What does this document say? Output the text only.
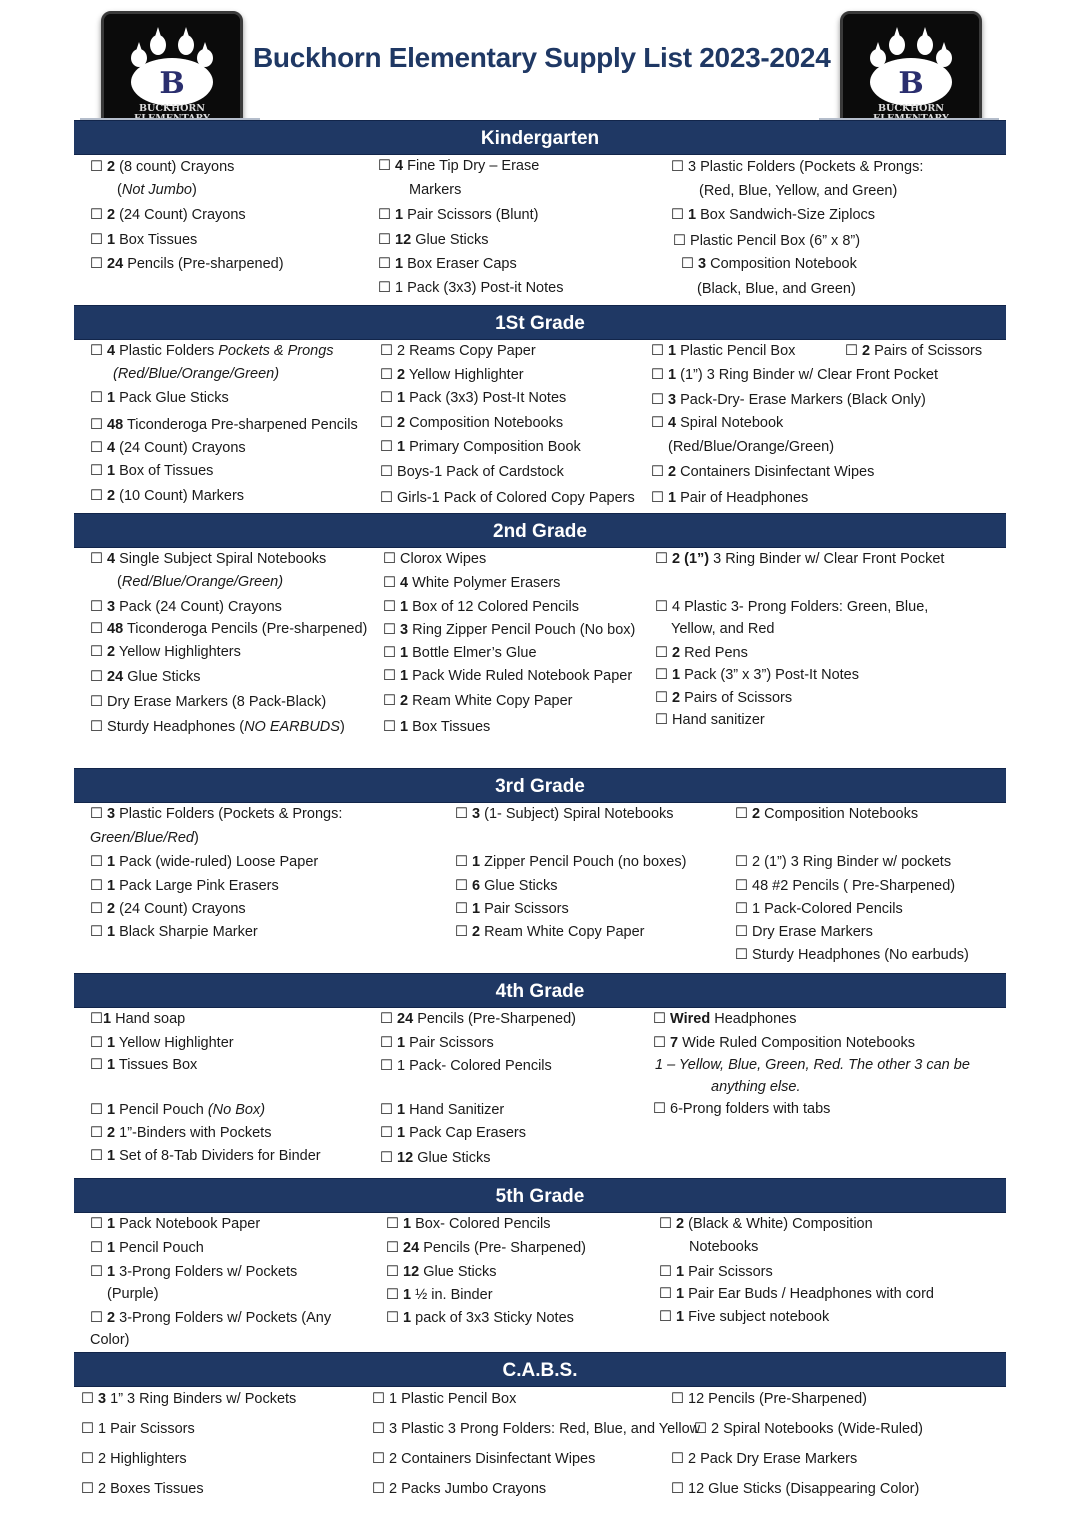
B
BUCKHORN
B
BUCKHORN
Buckhorn Elementary Supply List 2023-2024
Kindergarten
1St Grade
2nd Grade
3rd Grade
4th Grade
5th Grade
C.A.B.S.
☐ 2 (8 count) Crayons
(Not Jumbo)
☐ 2 (24 Count) Crayons
☐ 1 Box Tissues
☐ 24 Pencils (Pre-sharpened)
☐ 4 Fine Tip Dry – Erase
Markers
☐ 1 Pair Scissors (Blunt)
☐ 12 Glue Sticks
☐ 1 Box Eraser Caps
☐ 1 Pack (3x3) Post-it Notes
☐ 3 Plastic Folders (Pockets & Prongs:
(Red, Blue, Yellow, and Green)
☐ 1 Box Sandwich-Size Ziplocs
☐ Plastic Pencil Box (6” x 8”)
☐ 3 Composition Notebook
(Black, Blue, and Green)
☐ 4 Plastic Folders Pockets & Prongs
(Red/Blue/Orange/Green)
☐ 1 Pack Glue Sticks
☐ 48 Ticonderoga Pre-sharpened Pencils
☐ 4 (24 Count) Crayons
☐ 1 Box of Tissues
☐ 2 (10 Count) Markers
☐ 2 Reams Copy Paper
☐ 2 Yellow Highlighter
☐ 1 Pack (3x3) Post-It Notes
☐ 2 Composition Notebooks
☐ 1 Primary Composition Book
☐ Boys-1 Pack of Cardstock
☐ Girls-1 Pack of Colored Copy Papers
☐ 1 Plastic Pencil Box	☐ 2 Pairs of Scissors
☐ 1 (1”) 3 Ring Binder w/ Clear Front Pocket
☐ 3 Pack-Dry- Erase Markers (Black Only)
☐ 4 Spiral Notebook
(Red/Blue/Orange/Green)
☐ 2 Containers Disinfectant Wipes
☐ 1 Pair of Headphones
☐ 4 Single Subject Spiral Notebooks
(Red/Blue/Orange/Green)
☐ 3 Pack (24 Count) Crayons
☐ 48 Ticonderoga Pencils (Pre-sharpened)
☐ 2 Yellow Highlighters
☐ 24 Glue Sticks
☐ Dry Erase Markers (8 Pack-Black)
☐ Sturdy Headphones (NO EARBUDS)
☐ Clorox Wipes
☐ 4 White Polymer Erasers
☐ 1 Box of 12 Colored Pencils
☐ 3 Ring Zipper Pencil Pouch (No box)
☐ 1 Bottle Elmer’s Glue
☐ 1 Pack Wide Ruled Notebook Paper
☐ 2 Ream White Copy Paper
☐ 1 Box Tissues
☐ 2 (1”) 3 Ring Binder w/ Clear Front Pocket
☐ 4 Plastic 3- Prong Folders: Green, Blue,
Yellow, and Red
☐ 2 Red Pens
☐ 1 Pack (3” x 3”) Post-It Notes
☐ 2 Pairs of Scissors
☐ Hand sanitizer
☐ 3 Plastic Folders (Pockets & Prongs:
Green/Blue/Red)
☐ 1 Pack (wide-ruled) Loose Paper
☐ 1 Pack Large Pink Erasers
☐ 2 (24 Count) Crayons
☐ 1 Black Sharpie Marker
☐ 3 (1- Subject) Spiral Notebooks
☐ 1 Zipper Pencil Pouch (no boxes)
☐ 6 Glue Sticks
☐ 1 Pair Scissors
☐ 2 Ream White Copy Paper
☐ 2 Composition Notebooks
☐ 2 (1”) 3 Ring Binder w/ pockets
☐ 48 #2 Pencils ( Pre-Sharpened)
☐ 1 Pack-Colored Pencils
☐ Dry Erase Markers
☐ Sturdy Headphones (No earbuds)
☐1 Hand soap
☐ 1 Yellow Highlighter
☐ 1 Tissues Box
☐ 1 Pencil Pouch (No Box)
☐ 2 1”-Binders with Pockets
☐ 1 Set of 8-Tab Dividers for Binder
☐ 24 Pencils (Pre-Sharpened)
☐ 1 Pair Scissors
☐ 1 Pack- Colored Pencils
☐ 1 Hand Sanitizer
☐ 1 Pack Cap Erasers
☐ 12 Glue Sticks
☐ Wired Headphones
☐ 7 Wide Ruled Composition Notebooks
1 – Yellow, Blue, Green, Red. The other 3 can be
anything else.
☐ 6-Prong folders with tabs
☐ 1 Pack Notebook Paper
☐ 1 Pencil Pouch
☐ 1 3-Prong Folders w/ Pockets
(Purple)
☐ 2 3-Prong Folders w/ Pockets (Any
Color)
☐ 1 Box- Colored Pencils
☐ 24 Pencils (Pre- Sharpened)
☐ 12 Glue Sticks
☐ 1 ½ in. Binder
☐ 1 pack of 3x3 Sticky Notes
☐ 2 (Black & White) Composition
Notebooks
☐ 1 Pair Scissors
☐ 1 Pair Ear Buds / Headphones with cord
☐ 1 Five subject notebook
☐ 3 1” 3 Ring Binders w/ Pockets
☐ 1 Pair Scissors
☐ 2 Highlighters
☐ 2 Boxes Tissues
☐ 1 Plastic Pencil Box
☐ 3 Plastic 3 Prong Folders: Red, Blue, and Yellow
☐ 2 Containers Disinfectant Wipes
☐ 2 Packs Jumbo Crayons
☐ 12 Pencils (Pre-Sharpened)
☐ 2 Spiral Notebooks (Wide-Ruled)
☐ 2 Pack Dry Erase Markers
☐ 12 Glue Sticks (Disappearing Color)
